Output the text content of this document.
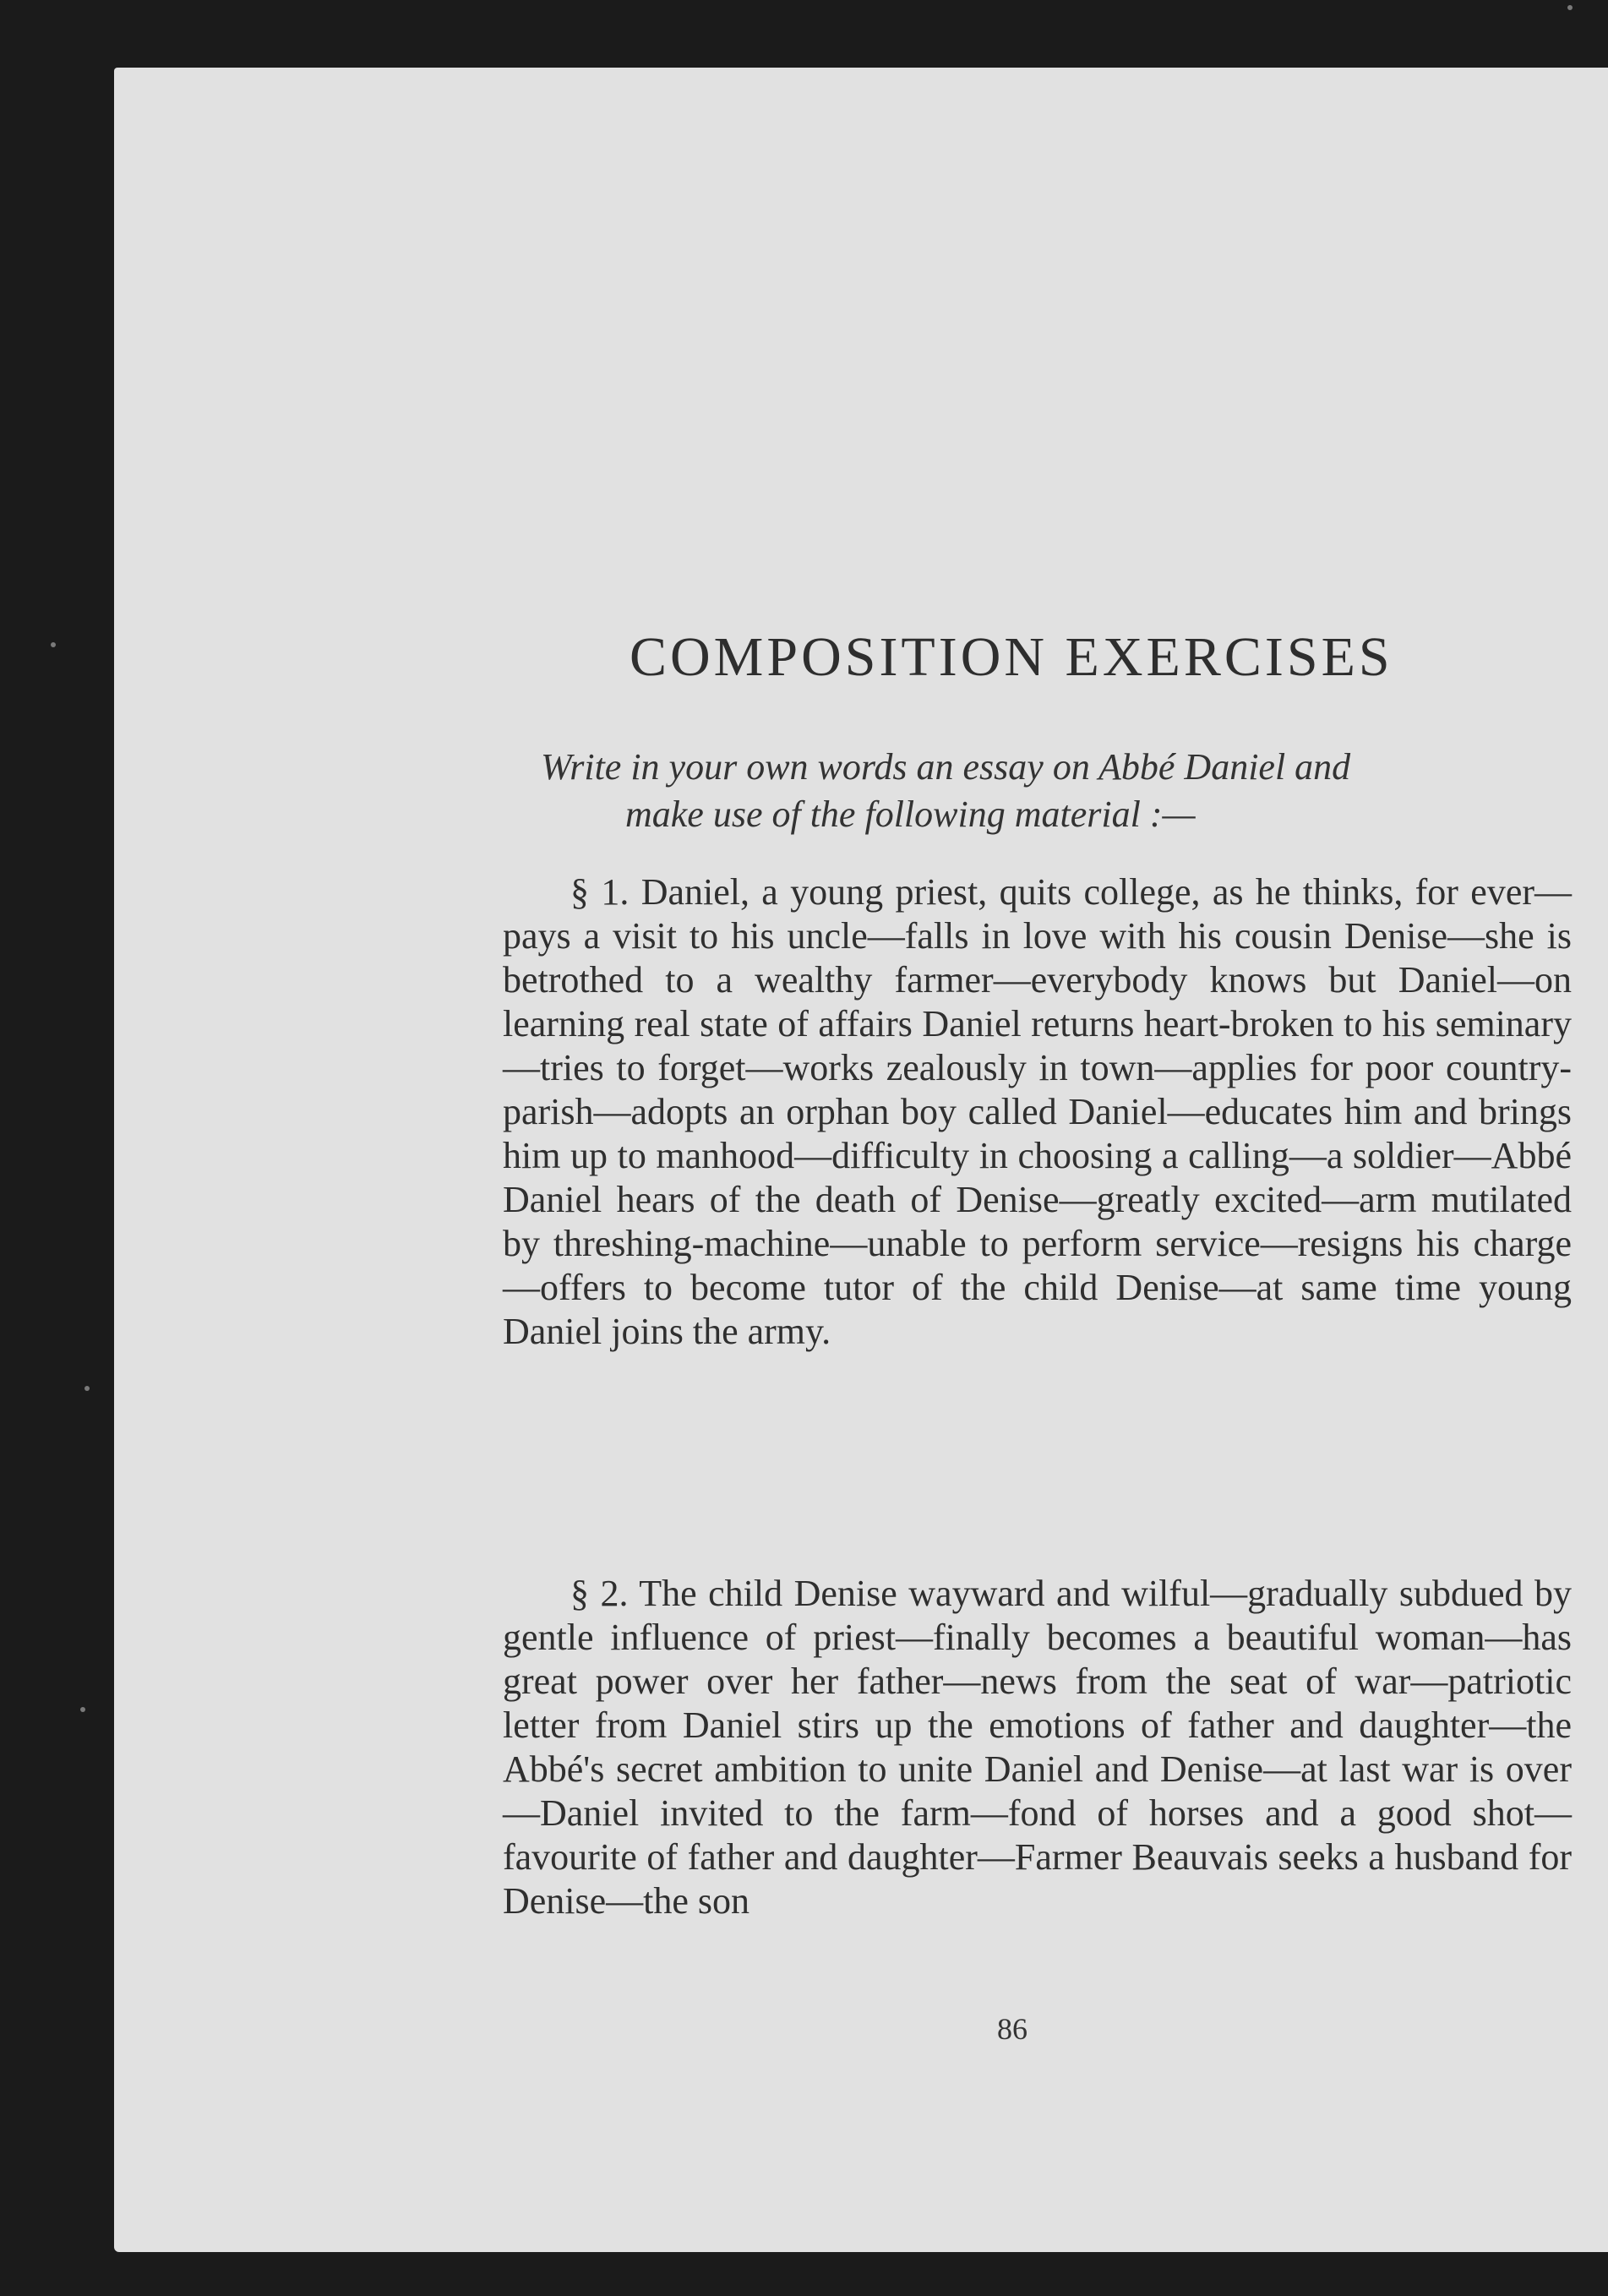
COMPOSITION EXERCISES
Write in your own words an essay on Abbé Daniel and
make use of the following material :—
§ 1. Daniel, a young priest, quits college, as he thinks, for ever—pays a visit to his uncle—falls in love with his cousin Denise—she is betrothed to a wealthy farmer—everybody knows but Daniel—on learning real state of affairs Daniel returns heart-broken to his seminary—tries to forget—works zealously in town—applies for poor country-parish—adopts an orphan boy called Daniel—educates him and brings him up to manhood—difficulty in choosing a calling—a soldier—Abbé Daniel hears of the death of Denise—greatly excited—arm mutilated by threshing-machine—unable to perform service—resigns his charge—offers to become tutor of the child Denise—at same time young Daniel joins the army.
§ 2. The child Denise wayward and wilful—gradually subdued by gentle influence of priest—finally becomes a beautiful woman—has great power over her father—news from the seat of war—patriotic letter from Daniel stirs up the emotions of father and daughter—the Abbé's secret ambition to unite Daniel and Denise—at last war is over—Daniel invited to the farm—fond of horses and a good shot—favourite of father and daughter—Farmer Beauvais seeks a husband for Denise—the son
86
